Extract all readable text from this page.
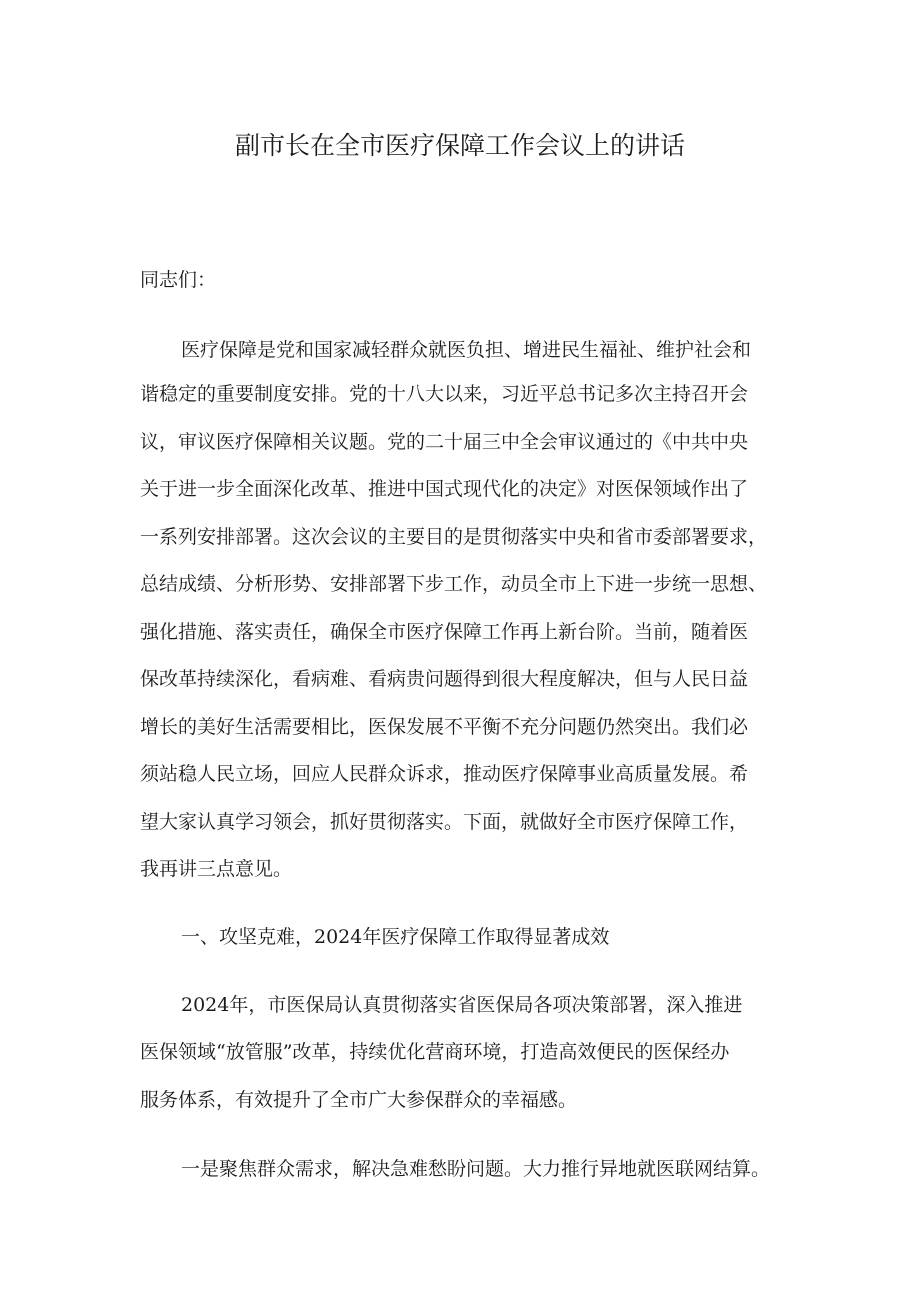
副市长在全市医疗保障工作会议上的讲话

同志们：

医疗保障是党和国家减轻群众就医负担、增进民生福祉、维护社会和

谐稳定的重要制度安排。党的十八大以来，习近平总书记多次主持召开会

议，审议医疗保障相关议题。党的二十届三中全会审议通过的《中共中央

关于进一步全面深化改革、推进中国式现代化的决定》对医保领域作出了

一系列安排部署。这次会议的主要目的是贯彻落实中央和省市委部署要求，

总结成绩、分析形势、安排部署下步工作，动员全市上下进一步统一思想、

强化措施、落实责任，确保全市医疗保障工作再上新台阶。当前，随着医

保改革持续深化，看病难、看病贵问题得到很大程度解决，但与人民日益

增长的美好生活需要相比，医保发展不平衡不充分问题仍然突出。我们必

须站稳人民立场，回应人民群众诉求，推动医疗保障事业高质量发展。希

望大家认真学习领会，抓好贯彻落实。下面，就做好全市医疗保障工作，

我再讲三点意见。

一、攻坚克难，2024年医疗保障工作取得显著成效

2024年，市医保局认真贯彻落实省医保局各项决策部署，深入推进

医保领域“放管服”改革，持续优化营商环境，打造高效便民的医保经办

服务体系，有效提升了全市广大参保群众的幸福感。

一是聚焦群众需求，解决急难愁盼问题。大力推行异地就医联网结算。
